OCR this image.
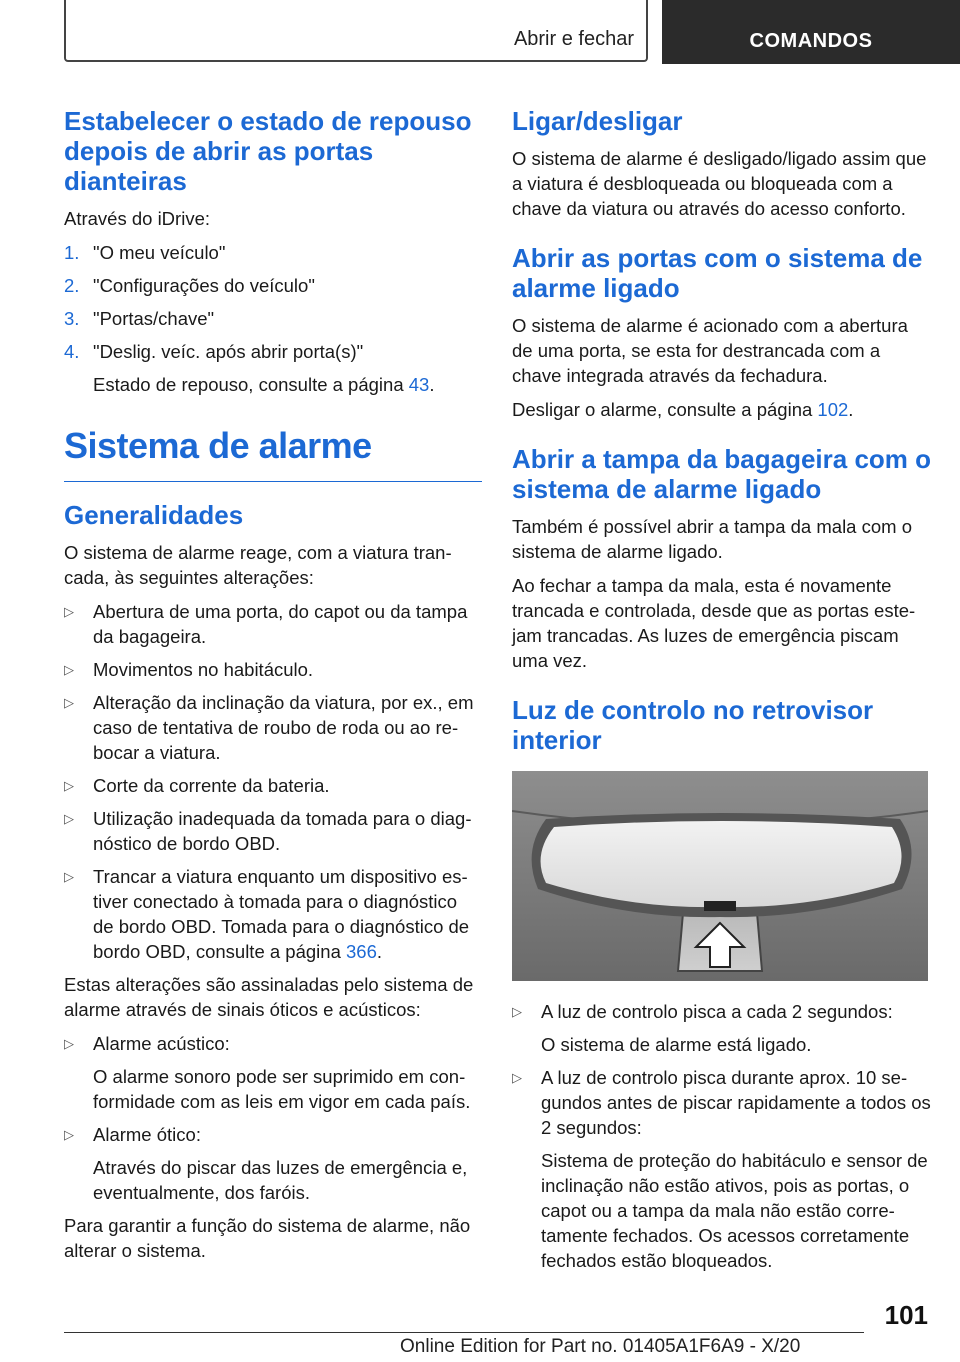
Abrir e fechar	COMANDOS
Estabelecer o estado de repouso depois de abrir as portas dianteiras

Através do iDrive:

1. "O meu veículo"
2. "Configurações do veículo"
3. "Portas/chave"
4. "Deslig. veíc. após abrir porta(s)"
Estado de repouso, consulte a página 43.
Sistema de alarme
Generalidades

O sistema de alarme reage, com a viatura trancada, às seguintes alterações:

▷ Abertura de uma porta, do capot ou da tampa da bagageira.
▷ Movimentos no habitáculo.
▷ Alteração da inclinação da viatura, por ex., em caso de tentativa de roubo de roda ou ao rebocar a viatura.
▷ Corte da corrente da bateria.
▷ Utilização inadequada da tomada para o diagnóstico de bordo OBD.
▷ Trancar a viatura enquanto um dispositivo estiver conectado à tomada para o diagnóstico de bordo OBD. Tomada para o diagnóstico de bordo OBD, consulte a página 366.

Estas alterações são assinaladas pelo sistema de alarme através de sinais óticos e acústicos:

▷ Alarme acústico:
O alarme sonoro pode ser suprimido em conformidade com as leis em vigor em cada país.
▷ Alarme ótico:
Através do piscar das luzes de emergência e, eventualmente, dos faróis.

Para garantir a função do sistema de alarme, não alterar o sistema.

Ligar/desligar

O sistema de alarme é desligado/ligado assim que a viatura é desbloqueada ou bloqueada com a chave da viatura ou através do acesso conforto.

Abrir as portas com o sistema de alarme ligado

O sistema de alarme é acionado com a abertura de uma porta, se esta for destrancada com a chave integrada através da fechadura.

Desligar o alarme, consulte a página 102.

Abrir a tampa da bagageira com o sistema de alarme ligado

Também é possível abrir a tampa da mala com o sistema de alarme ligado.

Ao fechar a tampa da mala, esta é novamente trancada e controlada, desde que as portas estejam trancadas. As luzes de emergência piscam uma vez.

Luz de controlo no retrovisor interior
▷ A luz de controlo pisca a cada 2 segundos:
O sistema de alarme está ligado.
▷ A luz de controlo pisca durante aprox. 10 segundos antes de piscar rapidamente a todos os 2 segundos:
Sistema de proteção do habitáculo e sensor de inclinação não estão ativos, pois as portas, o capot ou a tampa da mala não estão corretamente fechados. Os acessos corretamente fechados estão bloqueados.
101
Online Edition for Part no. 01405A1F6A9 - X/20
